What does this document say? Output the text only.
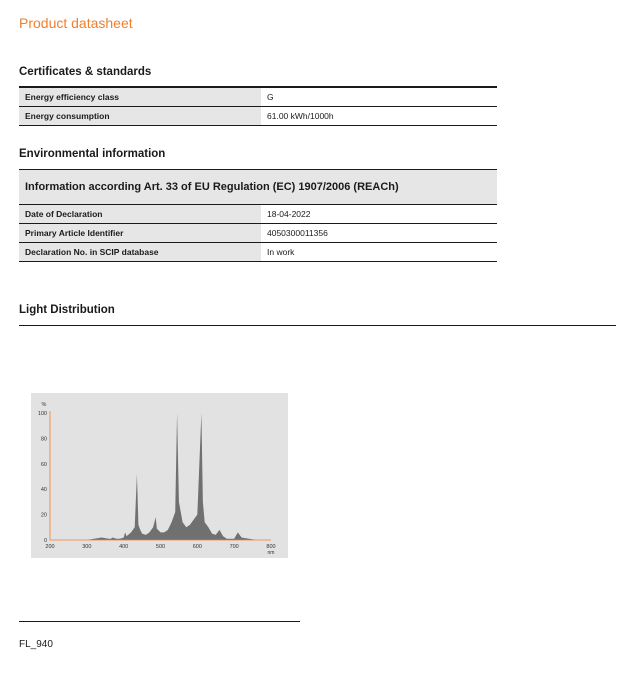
Product datasheet
Certificates & standards
Energy efficiency class	G
Energy consumption	61.00 kWh/1000h
Environmental information
Information according Art. 33 of EU Regulation (EC) 1907/2006 (REACh)
Date of Declaration	18-04-2022
Primary Article Identifier	4050300011356
Declaration No. in SCIP database	In work
Light Distribution
0
20
40
60
80
100
%
200	300	400	500	600	700	800
nm
FL_940
